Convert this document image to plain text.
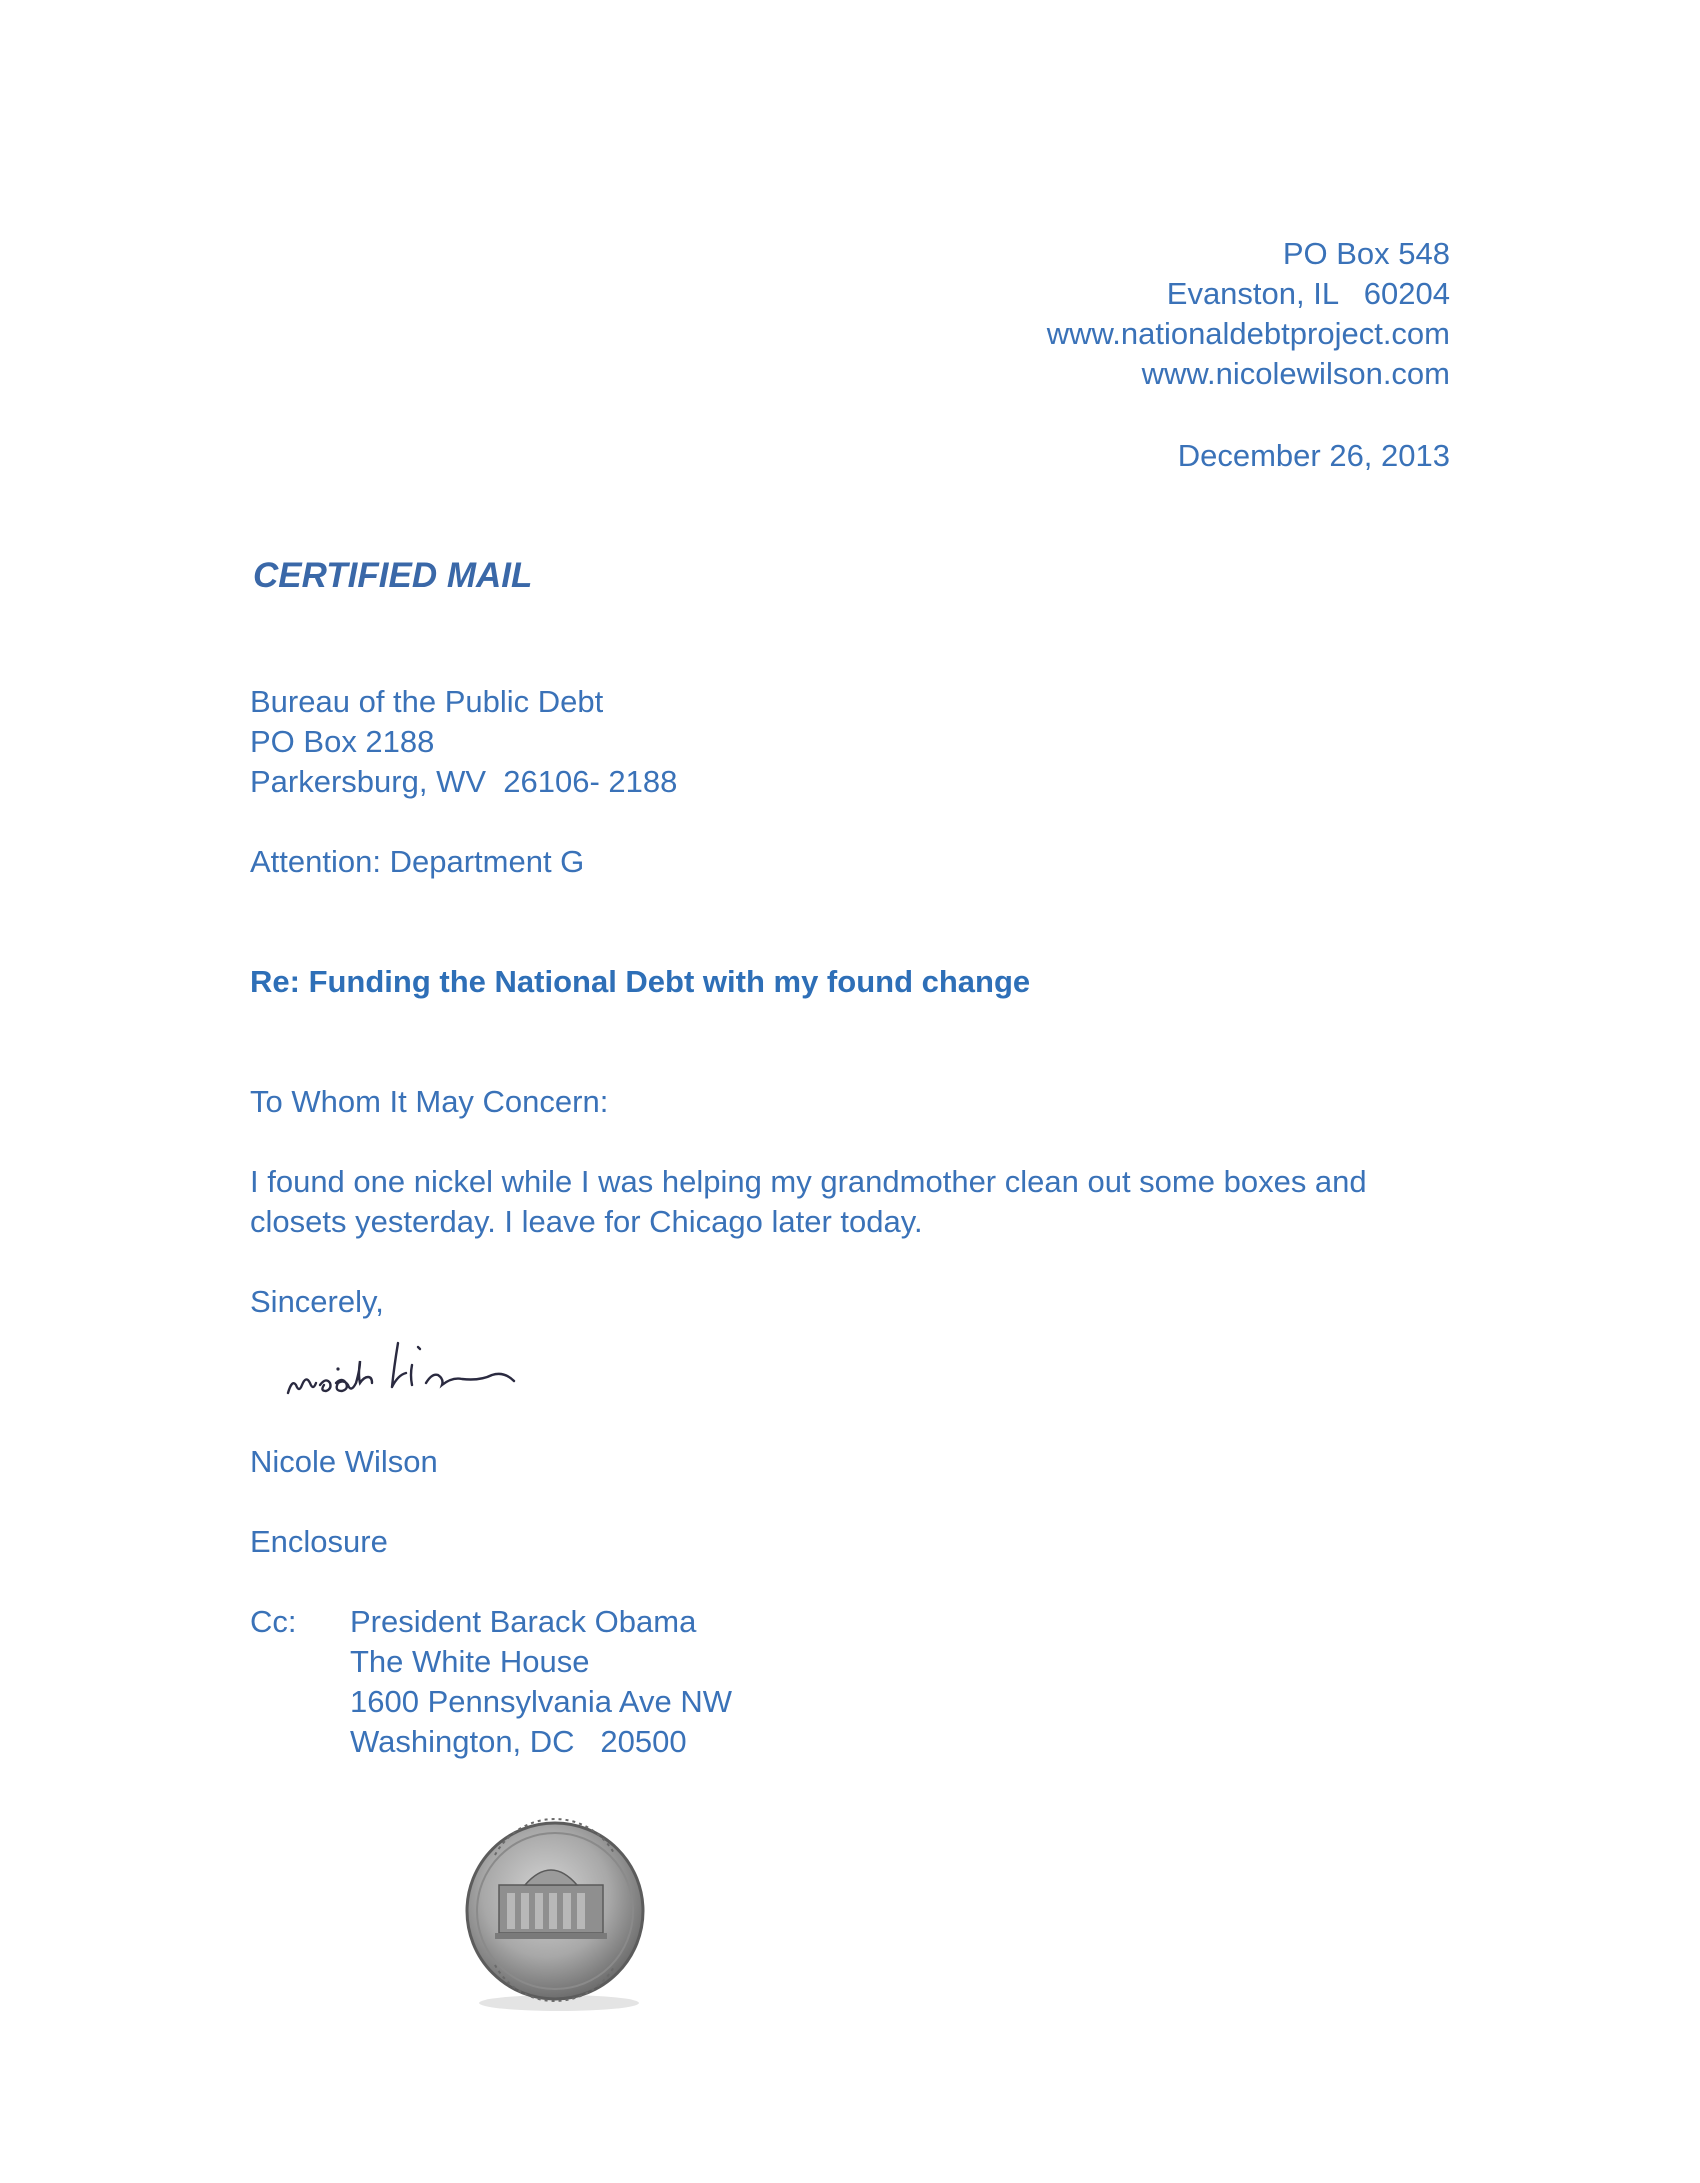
PO Box 548
Evanston, IL   60204
www.nationaldebtproject.com
www.nicolewilson.com
December 26, 2013
CERTIFIED MAIL
Bureau of the Public Debt
PO Box 2188
Parkersburg, WV  26106- 2188
Attention: Department G
Re: Funding the National Debt with my found change
To Whom It May Concern:
I found one nickel while I was helping my grandmother clean out some boxes and
closets yesterday. I leave for Chicago later today.
Sincerely,
Nicole Wilson
Enclosure
Cc: President Barack Obama
The White House
1600 Pennsylvania Ave NW
Washington, DC   20500
